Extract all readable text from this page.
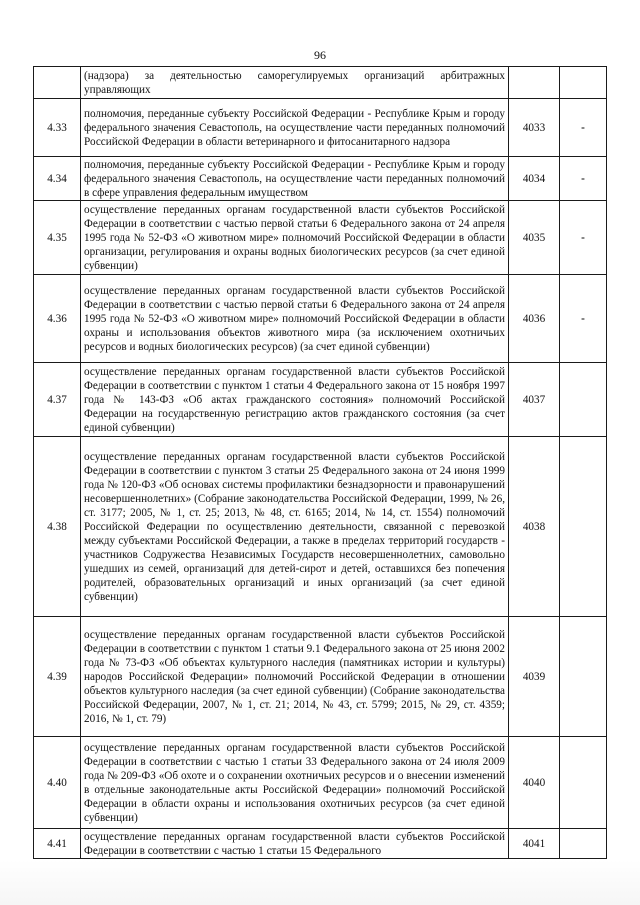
96
	(надзора) за деятельностью саморегулируемых организаций арбитражных управляющих		
4.33	полномочия, переданные субъекту Российской Федерации - Республике Крым и городу федерального значения Севастополь, на осуществление части переданных полномочий Российской Федерации в области ветеринарного и фитосанитарного надзора	4033	-
4.34	полномочия, переданные субъекту Российской Федерации - Республике Крым и городу федерального значения Севастополь, на осуществление части переданных полномочий в сфере управления федеральным имуществом	4034	-
4.35	осуществление переданных органам государственной власти субъектов Российской Федерации в соответствии с частью первой статьи 6 Федерального закона от 24 апреля 1995 года № 52-ФЗ «О животном мире» полномочий Российской Федерации в области организации, регулирования и охраны водных биологических ресурсов (за счет единой субвенции)	4035	-
4.36	осуществление переданных органам государственной власти субъектов Российской Федерации в соответствии с частью первой статьи 6 Федерального закона от 24 апреля 1995 года № 52-ФЗ «О животном мире» полномочий Российской Федерации в области охраны и использования объектов животного мира (за исключением охотничьих ресурсов и водных биологических ресурсов) (за счет единой субвенции)	4036	-
4.37	осуществление переданных органам государственной власти субъектов Российской Федерации в соответствии с пунктом 1 статьи 4 Федерального закона от 15 ноября 1997 года № 143-ФЗ «Об актах гражданского состояния» полномочий Российской Федерации на государственную регистрацию актов гражданского состояния (за счет единой субвенции)	4037	
4.38	осуществление переданных органам государственной власти субъектов Российской Федерации в соответствии с пунктом 3 статьи 25 Федерального закона от 24 июня 1999 года № 120-ФЗ «Об основах системы профилактики безнадзорности и правонарушений несовершеннолетних» (Собрание законодательства Российской Федерации, 1999, № 26, ст. 3177; 2005, № 1, ст. 25; 2013, № 48, ст. 6165; 2014, № 14, ст. 1554) полномочий Российской Федерации по осуществлению деятельности, связанной с перевозкой между субъектами Российской Федерации, а также в пределах территорий государств - участников Содружества Независимых Государств несовершеннолетних, самовольно ушедших из семей, организаций для детей-сирот и детей, оставшихся без попечения родителей, образовательных организаций и иных организаций (за счет единой субвенции)	4038	
4.39	осуществление переданных органам государственной власти субъектов Российской Федерации в соответствии с пунктом 1 статьи 9.1 Федерального закона от 25 июня 2002 года № 73-ФЗ «Об объектах культурного наследия (памятниках истории и культуры) народов Российской Федерации» полномочий Российской Федерации в отношении объектов культурного наследия (за счет единой субвенции) (Собрание законодательства Российской Федерации, 2007, № 1, ст. 21; 2014, № 43, ст. 5799; 2015, № 29, ст. 4359; 2016, № 1, ст. 79)	4039	
4.40	осуществление переданных органам государственной власти субъектов Российской Федерации в соответствии с частью 1 статьи 33 Федерального закона от 24 июля 2009 года № 209-ФЗ «Об охоте и о сохранении охотничьих ресурсов и о внесении изменений в отдельные законодательные акты Российской Федерации» полномочий Российской Федерации в области охраны и использования охотничьих ресурсов (за счет единой субвенции)	4040	
4.41	осуществление переданных органам государственной власти субъектов Российской Федерации в соответствии с частью 1 статьи 15 Федерального	4041	
